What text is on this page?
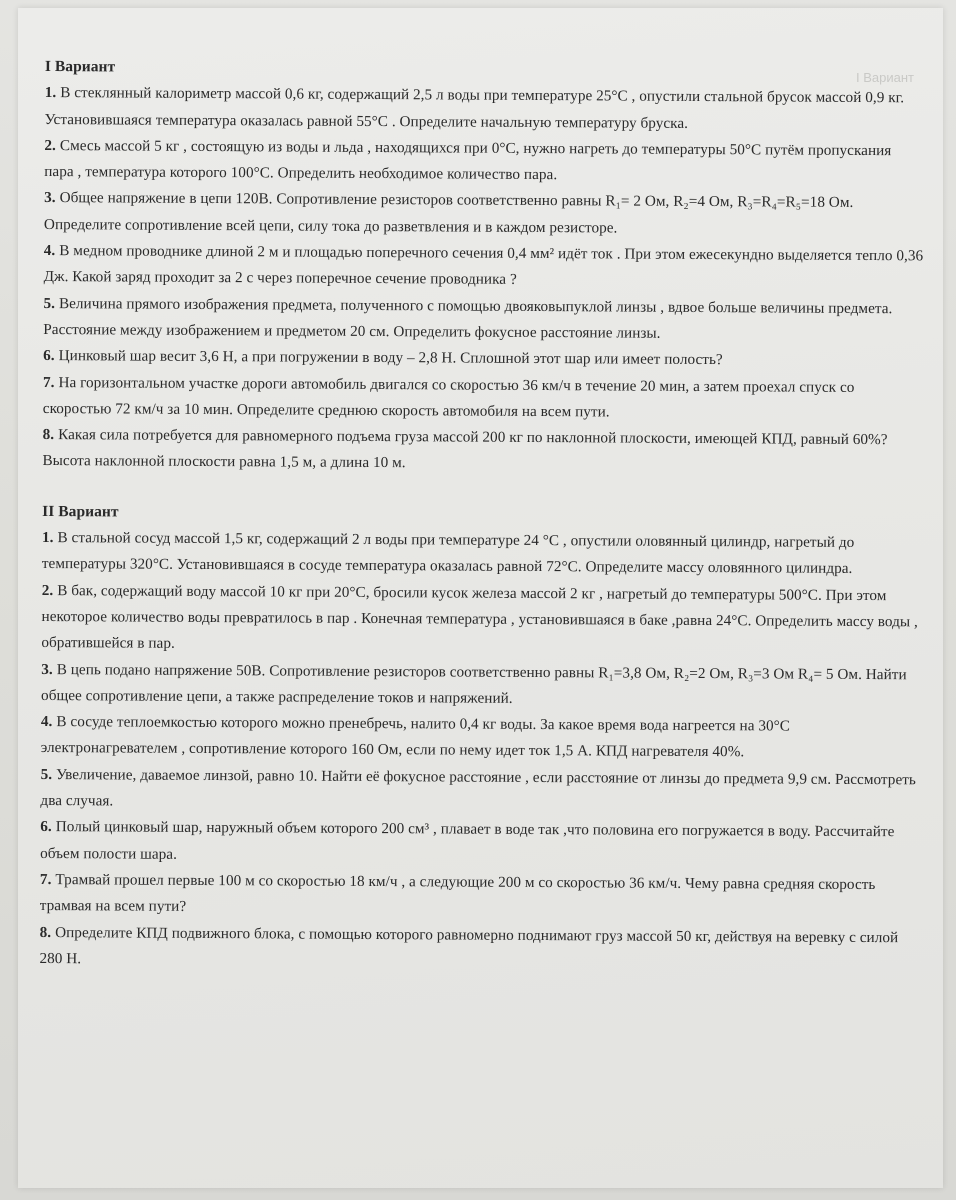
I Вариант
I Вариант

1. В стеклянный калориметр массой 0,6 кг, содержащий 2,5 л воды при температуре 25°С , опустили стальной брусок массой 0,9 кг. Установившаяся температура оказалась равной 55°С . Определите начальную температуру бруска.

2. Смесь массой 5 кг , состоящую из воды и льда , находящихся при 0°С, нужно нагреть до температуры 50°С путём пропускания пара , температура которого 100°С. Определить необходимое количество пара.

3. Общее напряжение в цепи 120В. Сопротивление резисторов соответственно равны R₁= 2 Ом, R₂=4 Ом, R₃=R₄=R₅=18 Ом. Определите сопротивление всей цепи, силу тока до разветвления и в каждом резисторе.

4. В медном проводнике длиной 2 м и площадью поперечного сечения 0,4 мм² идёт ток . При этом ежесекундно выделяется тепло 0,36 Дж. Какой заряд проходит за 2 с через поперечное сечение проводника ?

5. Величина прямого изображения предмета, полученного с помощью двояковыпуклой линзы , вдвое больше величины предмета. Расстояние между изображением и предметом 20 см. Определить фокусное расстояние линзы.

6. Цинковый шар весит 3,6 Н, а при погружении в воду – 2,8 Н. Сплошной этот шар или имеет полость?

7. На горизонтальном участке дороги автомобиль двигался со скоростью 36 км/ч в течение 20 мин, а затем проехал спуск со скоростью 72 км/ч за 10 мин. Определите среднюю скорость автомобиля на всем пути.

8. Какая сила потребуется для равномерного подъема груза массой 200 кг по наклонной плоскости, имеющей КПД, равный 60%? Высота наклонной плоскости равна 1,5 м, а длина 10 м.

II Вариант

1. В стальной сосуд массой 1,5 кг, содержащий 2 л воды при температуре 24 °С , опустили оловянный цилиндр, нагретый до температуры 320°С. Установившаяся в сосуде температура оказалась равной 72°С. Определите массу оловянного цилиндра.

2. В бак, содержащий воду массой 10 кг при 20°С, бросили кусок железа массой 2 кг , нагретый до температуры 500°С. При этом некоторое количество воды превратилось в пар . Конечная температура , установившаяся в баке ,равна 24°С. Определить массу воды , обратившейся в пар.

3. В цепь подано напряжение 50В. Сопротивление резисторов соответственно равны R₁=3,8 Ом, R₂=2 Ом, R₃=3 Ом R₄= 5 Ом. Найти общее сопротивление цепи, а также распределение токов и напряжений.

4. В сосуде теплоемкостью которого можно пренебречь, налито 0,4 кг воды. За какое время вода нагреется на 30°С электронагревателем , сопротивление которого 160 Ом, если по нему идет ток 1,5 А. КПД нагревателя 40%.

5. Увеличение, даваемое линзой, равно 10. Найти её фокусное расстояние , если расстояние от линзы до предмета 9,9 см. Рассмотреть два случая.

6. Полый цинковый шар, наружный объем которого 200 см³ , плавает в воде так ,что половина его погружается в воду. Рассчитайте объем полости шара.

7. Трамвай прошел первые 100 м со скоростью 18 км/ч , а следующие 200 м со скоростью 36 км/ч. Чему равна средняя скорость трамвая на всем пути?

8. Определите КПД подвижного блока, с помощью которого равномерно поднимают груз массой 50 кг, действуя на веревку с силой 280 Н.
